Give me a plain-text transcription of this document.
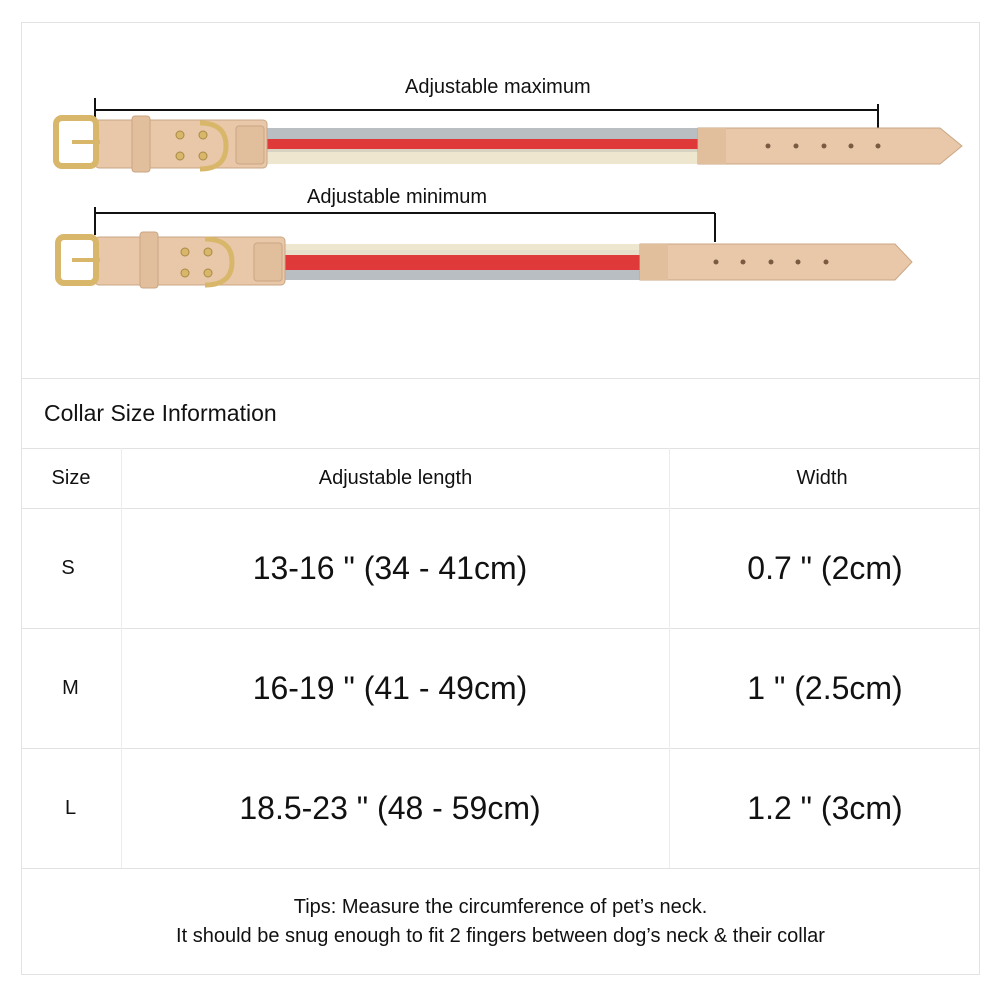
Adjustable maximum
Adjustable minimum
Collar Size Information
Size	Adjustable length	Width
S	13-16 " (34 - 41cm)	0.7 " (2cm)
M	16-19 " (41 - 49cm)	1 " (2.5cm)
L	18.5-23 " (48 - 59cm)	1.2 " (3cm)
Tips: Measure the circumference of pet’s neck.
It should be snug enough to fit 2 fingers between dog’s neck & their collar
